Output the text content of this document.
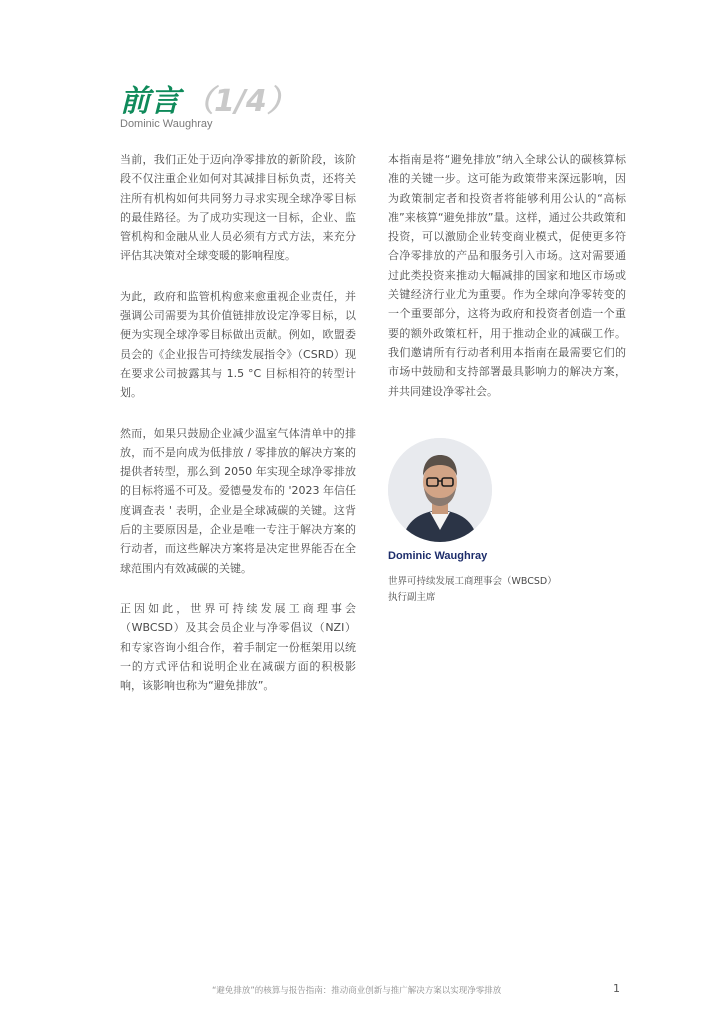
前言 （1/4）
Dominic Waughray

当前，我们正处于迈向净零排放的新阶段，该阶段不仅注重企业如何对其减排目标负责，还将关注所有机构如何共同努力寻求实现全球净零目标的最佳路径。为了成功实现这一目标，企业、监管机构和金融从业人员必须有方式方法，来充分评估其决策对全球变暖的影响程度。

为此，政府和监管机构愈来愈重视企业责任，并强调公司需要为其价值链排放设定净零目标，以便为实现全球净零目标做出贡献。例如，欧盟委员会的《企业报告可持续发展指令》（CSRD）现在要求公司披露其与 1.5 °C 目标相符的转型计划。

然而，如果只鼓励企业减少温室气体清单中的排放，而不是向成为低排放 / 零排放的解决方案的提供者转型，那么到 2050 年实现全球净零排放的目标将遥不可及。爱德曼发布的 '2023 年信任度调查表 ' 表明，企业是全球减碳的关键。这背后的主要原因是，企业是唯一专注于解决方案的行动者，而这些解决方案将是决定世界能否在全球范围内有效减碳的关键。

正因如此，世界可持续发展工商理事会（WBCSD）及其会员企业与净零倡议（NZI）和专家咨询小组合作，着手制定一份框架用以统一的方式评估和说明企业在减碳方面的积极影响，该影响也称为“避免排放”。

本指南是将“避免排放”纳入全球公认的碳核算标准的关键一步。这可能为政策带来深远影响，因为政策制定者和投资者将能够利用公认的“高标准”来核算“避免排放”量。这样，通过公共政策和投资，可以激励企业转变商业模式，促使更多符合净零排放的产品和服务引入市场。这对需要通过此类投资来推动大幅减排的国家和地区市场或关键经济行业尤为重要。作为全球向净零转变的一个重要部分，这将为政府和投资者创造一个重要的额外政策杠杆，用于推动企业的减碳工作。我们邀请所有行动者利用本指南在最需要它们的市场中鼓励和支持部署最具影响力的解决方案，并共同建设净零社会。

Dominic Waughray
世界可持续发展工商理事会（WBCSD）
执行副主席
“避免排放”的核算与报告指南：推动商业创新与推广解决方案以实现净零排放	1
